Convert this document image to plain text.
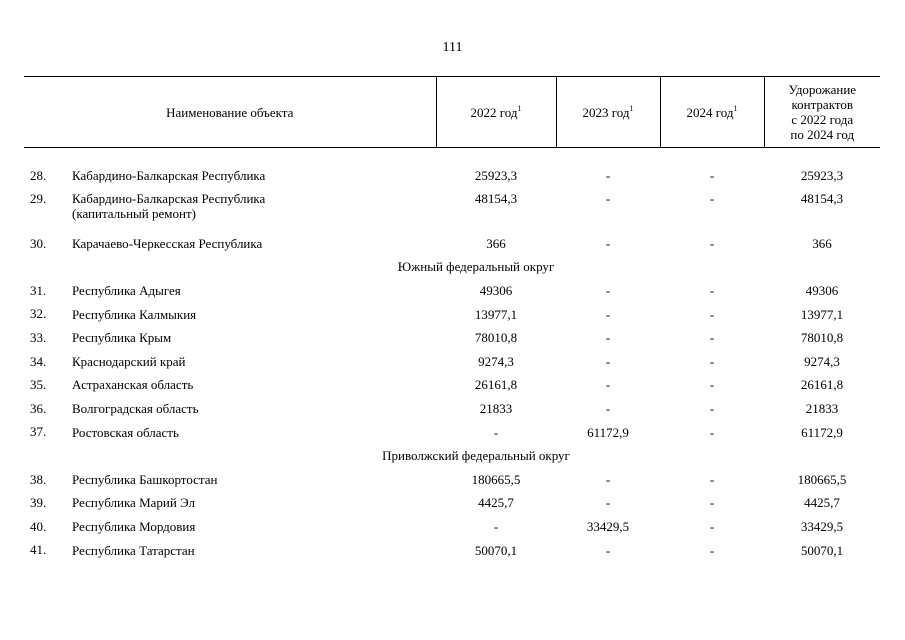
111
Наименование объекта	2022 год$^1$	2023 год$^1$	2024 год$^1$	Удорожание
контрактов
с 2022 года
по 2024 год

28. Кабардино-Балкарская Республика	25923,3	-	-	25923,3

29. Кабардино-Балкарская Республика
(капитальный ремонт)	48154,3	-	-	48154,3

30. Карачаево-Черкесская Республика	366	-	-	366
Южный федеральный округ				

31. Республика Адыгея	49306	-	-	49306

32. Республика Калмыкия	13977,1	-	-	13977,1

33. Республика Крым	78010,8	-	-	78010,8

34. Краснодарский край	9274,3	-	-	9274,3

35. Астраханская область	26161,8	-	-	26161,8

36. Волгоградская область	21833	-	-	21833

37. Ростовская область	-	61172,9	-	61172,9
Приволжский федеральный округ				

38. Республика Башкортостан	180665,5	-	-	180665,5

39. Республика Марий Эл	4425,7	-	-	4425,7

40. Республика Мордовия	-	33429,5	-	33429,5

41. Республика Татарстан	50070,1	-	-	50070,1
